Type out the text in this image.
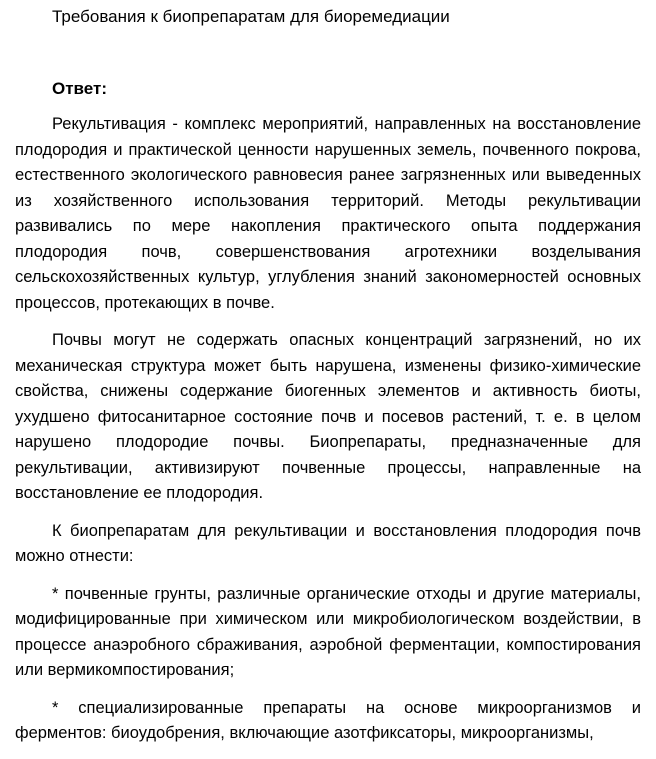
Требования к биопрепаратам для биоремедиации
Ответ:

Рекультивация - комплекс мероприятий, направленных на восстановление плодородия и практической ценности нарушенных земель, почвенного покрова, естественного экологического равновесия ранее загрязненных или выведенных из хозяйственного использования территорий. Методы рекультивации развивались по мере накопления практического опыта поддержания плодородия почв, совершенствования агротехники возделывания сельскохозяйственных культур, углубления знаний закономерностей основных процессов, протекающих в почве.

Почвы могут не содержать опасных концентраций загрязнений, но их механическая структура может быть нарушена, изменены физико-химические свойства, снижены содержание биогенных элементов и активность биоты, ухудшено фитосанитарное состояние почв и посевов растений, т. е. в целом нарушено плодородие почвы. Биопрепараты, предназначенные для рекультивации, активизируют почвенные процессы, направленные на восстановление ее плодородия.

К биопрепаратам для рекультивации и восстановления плодородия почв можно отнести:

* почвенные грунты, различные органические отходы и другие материалы, модифицированные при химическом или микробиологическом воздействии, в процессе анаэробного сбраживания, аэробной ферментации, компостирования или вермикомпостирования;

* специализированные препараты на основе микроорганизмов и ферментов: биоудобрения, включающие азотфиксаторы, микроорганизмы,
